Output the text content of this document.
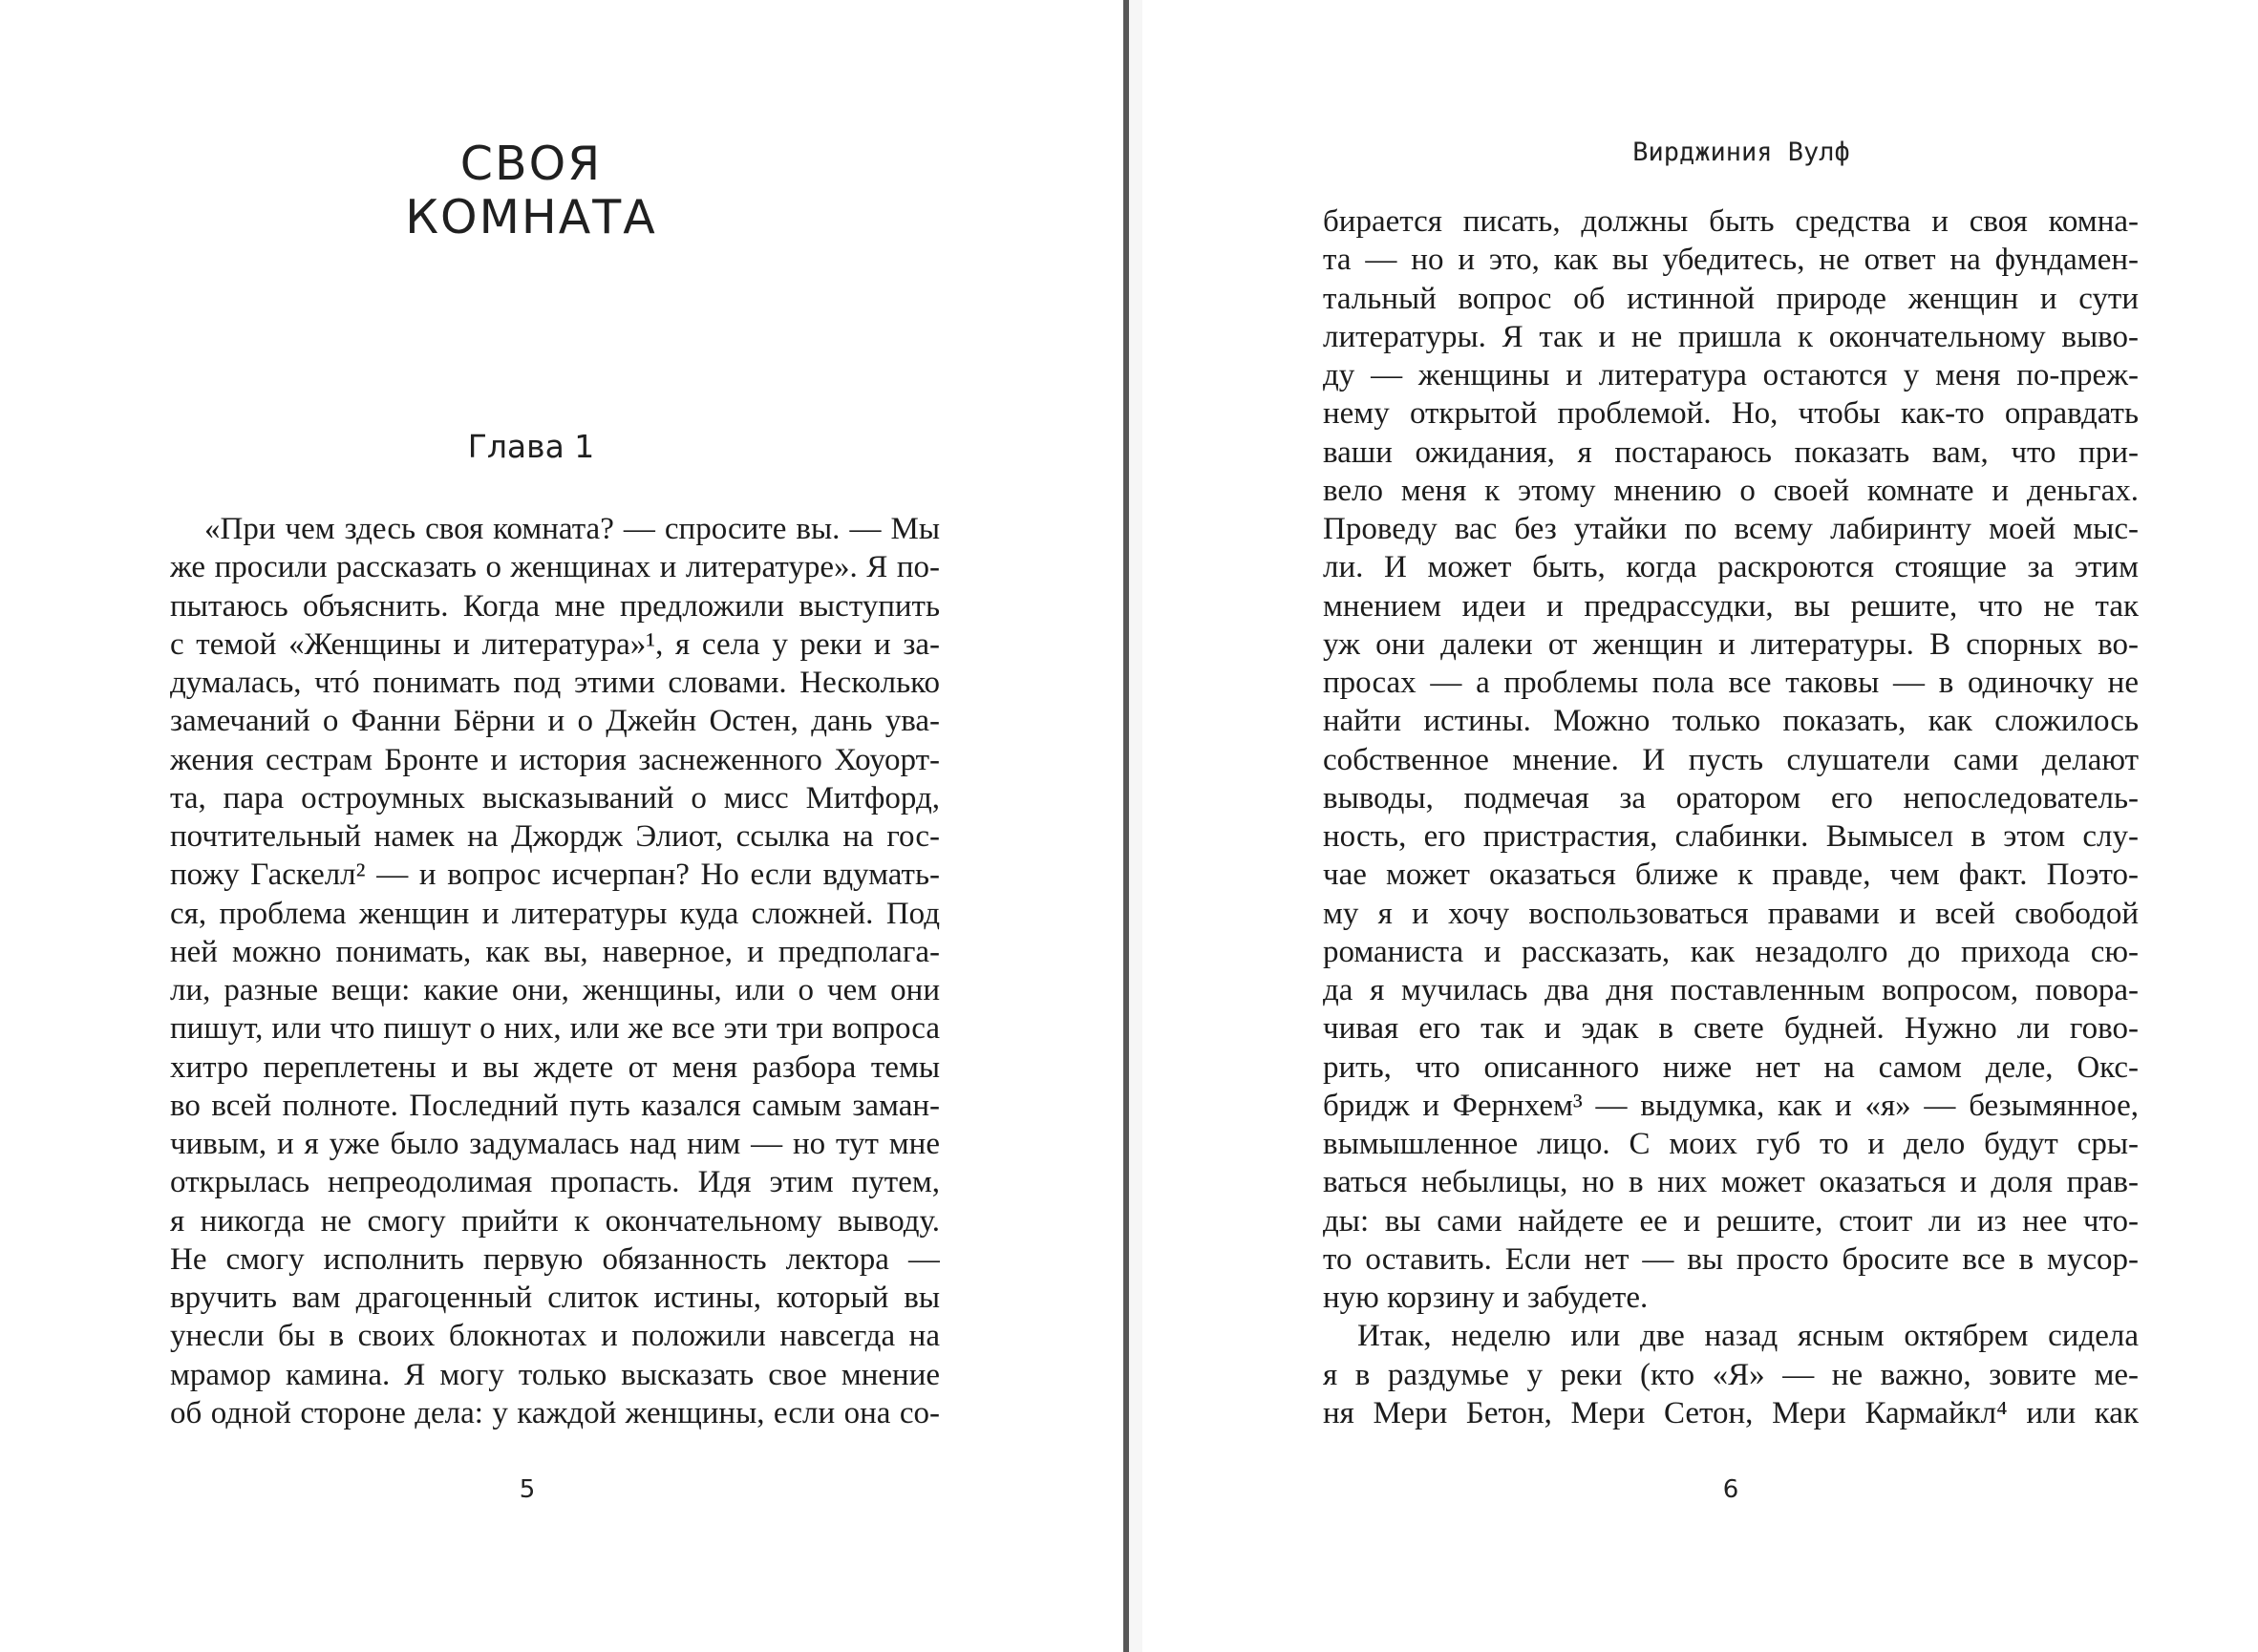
СВОЯ
КОМНАТА
Глава 1
«При чем здесь своя комната? — спросите вы. — Мы
же просили рассказать о женщинах и литературе». Я по-
пытаюсь объяснить. Когда мне предложили выступить
с темой «Женщины и литература»¹, я села у реки и за-
думалась, чтó понимать под этими словами. Несколько
замечаний о Фанни Бёрни и о Джейн Остен, дань ува-
жения сестрам Бронте и история заснеженного Хоуорт-
та, пара остроумных высказываний о мисс Митфорд,
почтительный намек на Джордж Элиот, ссылка на гос-
пожу Гаскелл² — и вопрос исчерпан? Но если вдумать-
ся, проблема женщин и литературы куда сложней. Под
ней можно понимать, как вы, наверное, и предполага-
ли, разные вещи: какие они, женщины, или о чем они
пишут, или что пишут о них, или же все эти три вопроса
хитро переплетены и вы ждете от меня разбора темы
во всей полноте. Последний путь казался самым заман-
чивым, и я уже было задумалась над ним — но тут мне
открылась непреодолимая пропасть. Идя этим путем,
я никогда не смогу прийти к окончательному выводу.
Не смогу исполнить первую обязанность лектора —
вручить вам драгоценный слиток истины, который вы
унесли бы в своих блокнотах и положили навсегда на
мрамор камина. Я могу только высказать свое мнение
об одной стороне дела: у каждой женщины, если она со-
5
Вирджиния Вулф
бирается писать, должны быть средства и своя комна-
та — но и это, как вы убедитесь, не ответ на фундамен-
тальный вопрос об истинной природе женщин и сути
литературы. Я так и не пришла к окончательному выво-
ду — женщины и литература остаются у меня по-преж-
нему открытой проблемой. Но, чтобы как-то оправдать
ваши ожидания, я постараюсь показать вам, что при-
вело меня к этому мнению о своей комнате и деньгах.
Проведу вас без утайки по всему лабиринту моей мыс-
ли. И может быть, когда раскроются стоящие за этим
мнением идеи и предрассудки, вы решите, что не так
уж они далеки от женщин и литературы. В спорных во-
просах — а проблемы пола все таковы — в одиночку не
найти истины. Можно только показать, как сложилось
собственное мнение. И пусть слушатели сами делают
выводы, подмечая за оратором его непоследователь-
ность, его пристрастия, слабинки. Вымысел в этом слу-
чае может оказаться ближе к правде, чем факт. Поэто-
му я и хочу воспользоваться правами и всей свободой
романиста и рассказать, как незадолго до прихода сю-
да я мучилась два дня поставленным вопросом, повора-
чивая его так и эдак в свете будней. Нужно ли гово-
рить, что описанного ниже нет на самом деле, Окс-
бридж и Фернхем³ — выдумка, как и «я» — безымянное,
вымышленное лицо. С моих губ то и дело будут сры-
ваться небылицы, но в них может оказаться и доля прав-
ды: вы сами найдете ее и решите, стоит ли из нее что-
то оставить. Если нет — вы просто бросите все в мусор-
ную корзину и забудете.
Итак, неделю или две назад ясным октябрем сидела
я в раздумье у реки (кто «Я» — не важно, зовите ме-
ня Мери Бетон, Мери Сетон, Мери Кармайкл⁴ или как
6
